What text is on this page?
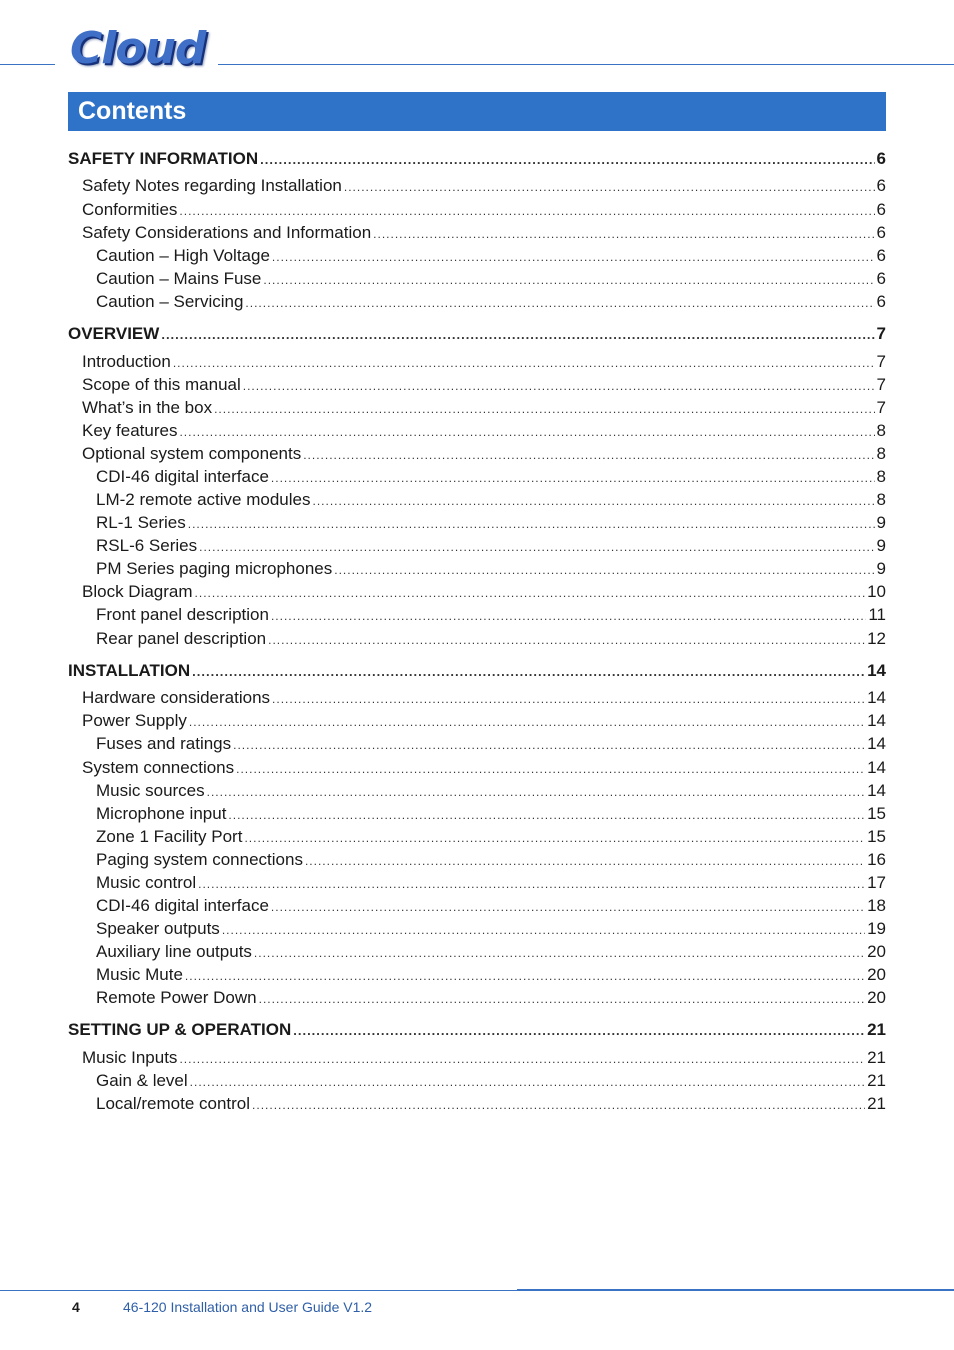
Cloud
Contents
SAFETY INFORMATION .....	6
Safety Notes regarding Installation .....	6
Conformities .....	6
Safety Considerations and Information .....	6
Caution – High Voltage .....	6
Caution – Mains Fuse .....	6
Caution – Servicing .....	6
OVERVIEW .....	7
Introduction .....	7
Scope of this manual .....	7
What’s in the box .....	7
Key features .....	8
Optional system components .....	8
CDI-46 digital interface .....	8
LM-2 remote active modules .....	8
RL-1 Series .....	9
RSL-6 Series .....	9
PM Series paging microphones .....	9
Block Diagram .....	10
Front panel description .....	11
Rear panel description .....	12
INSTALLATION .....	14
Hardware considerations .....	14
Power Supply .....	14
Fuses and ratings .....	14
System connections .....	14
Music sources .....	14
Microphone input .....	15
Zone 1 Facility Port .....	15
Paging system connections .....	16
Music control .....	17
CDI-46 digital interface .....	18
Speaker outputs .....	19
Auxiliary line outputs .....	20
Music Mute .....	20
Remote Power Down .....	20
SETTING UP & OPERATION .....	21
Music Inputs .....	21
Gain & level .....	21
Local/remote control .....	21
4	46-120 Installation and User Guide V1.2
